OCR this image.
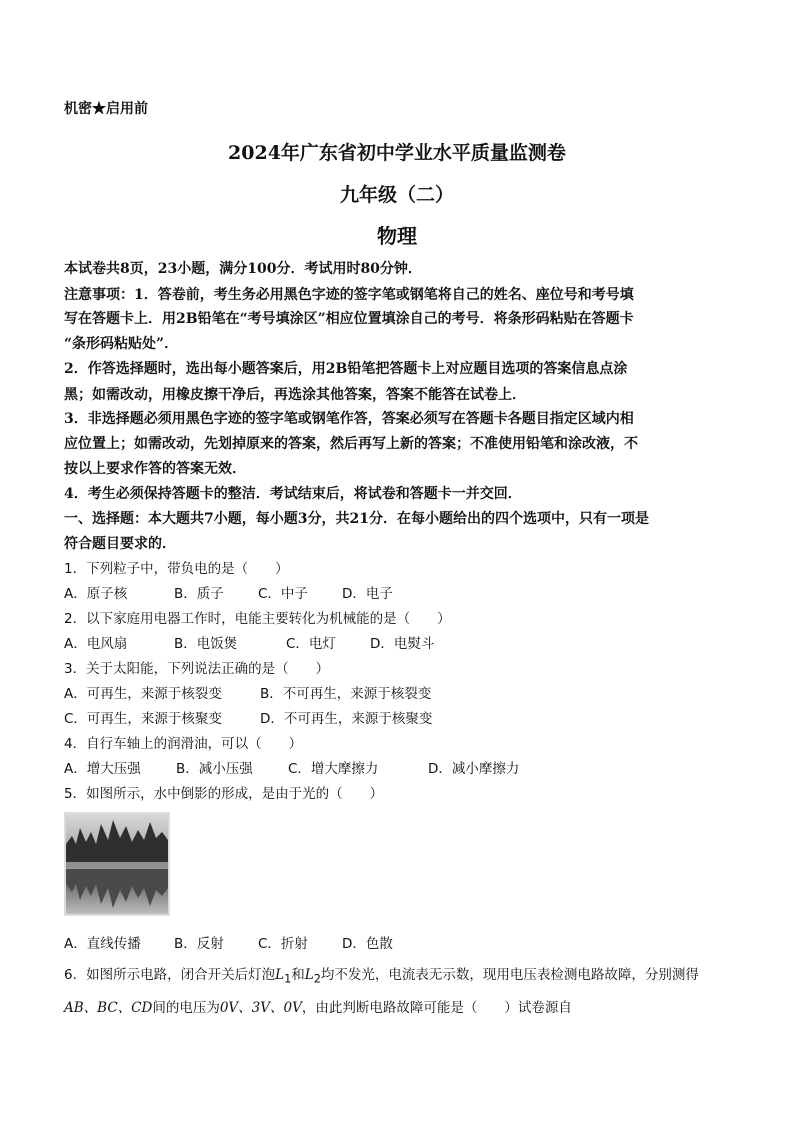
机密★启用前
2024年广东省初中学业水平质量监测卷
九年级（二）
物理
本试卷共8页，23小题，满分100分．考试用时80分钟．
注意事项：1．答卷前，考生务必用黑色字迹的签字笔或钢笔将自己的姓名、座位号和考号填
写在答题卡上．用2B铅笔在“考号填涂区”相应位置填涂自己的考号．将条形码粘贴在答题卡
“条形码粘贴处”．
2．作答选择题时，选出每小题答案后，用2B铅笔把答题卡上对应题目选项的答案信息点涂
黑；如需改动，用橡皮擦干净后，再选涂其他答案，答案不能答在试卷上．
3．非选择题必须用黑色字迹的签字笔或钢笔作答，答案必须写在答题卡各题目指定区域内相
应位置上；如需改动，先划掉原来的答案，然后再写上新的答案；不准使用铅笔和涂改液，不
按以上要求作答的答案无效．
4．考生必须保持答题卡的整洁．考试结束后，将试卷和答题卡一并交回．
一、选择题：本大题共7小题，每小题3分，共21分．在每小题给出的四个选项中，只有一项是
符合题目要求的．
1．下列粒子中，带负电的是（　　）
A．原子核	B．质子	C．中子	D．电子
2．以下家庭用电器工作时，电能主要转化为机械能的是（　　）
A．电风扇	B．电饭煲	C．电灯	D．电熨斗
3．关于太阳能，下列说法正确的是（　　）
A．可再生，来源于核裂变	B．不可再生，来源于核裂变
C．可再生，来源于核聚变	D．不可再生，来源于核聚变
4．自行车轴上的润滑油，可以（　　）
A．增大压强	B．减小压强	C．增大摩擦力	D．减小摩擦力
5．如图所示，水中倒影的形成，是由于光的（　　）
A．直线传播 B．反射	C．折射	D．色散
6．如图所示电路，闭合开关后灯泡$L_1$和$L_2$均不发光，电流表无示数，现用电压表检测电路故障，分别测得
AB、BC、CD间的电压为0V、3V、0V，由此判断电路故障可能是（　　）试卷源自
